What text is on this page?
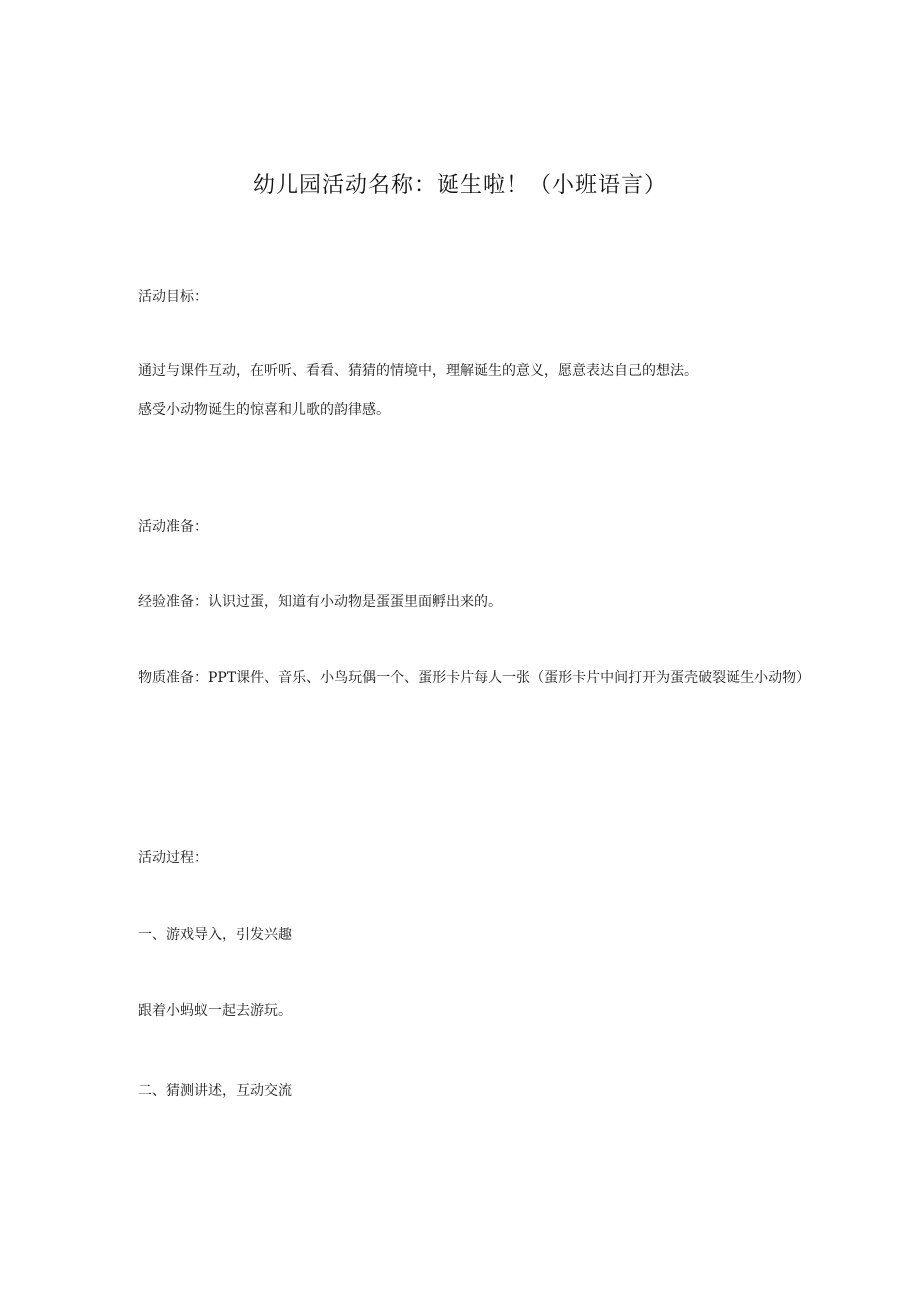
幼儿园活动名称：诞生啦！（小班语言）
活动目标：
通过与课件互动，在听听、看看、猜猜的情境中，理解诞生的意义，愿意表达自己的想法。
感受小动物诞生的惊喜和儿歌的韵律感。
活动准备：
经验准备：认识过蛋，知道有小动物是蛋蛋里面孵出来的。
物质准备：PPT课件、音乐、小鸟玩偶一个、蛋形卡片每人一张（蛋形卡片中间打开为蛋壳破裂诞生小动物）
活动过程：
一、游戏导入，引发兴趣
跟着小蚂蚁一起去游玩。
二、猜测讲述，互动交流
